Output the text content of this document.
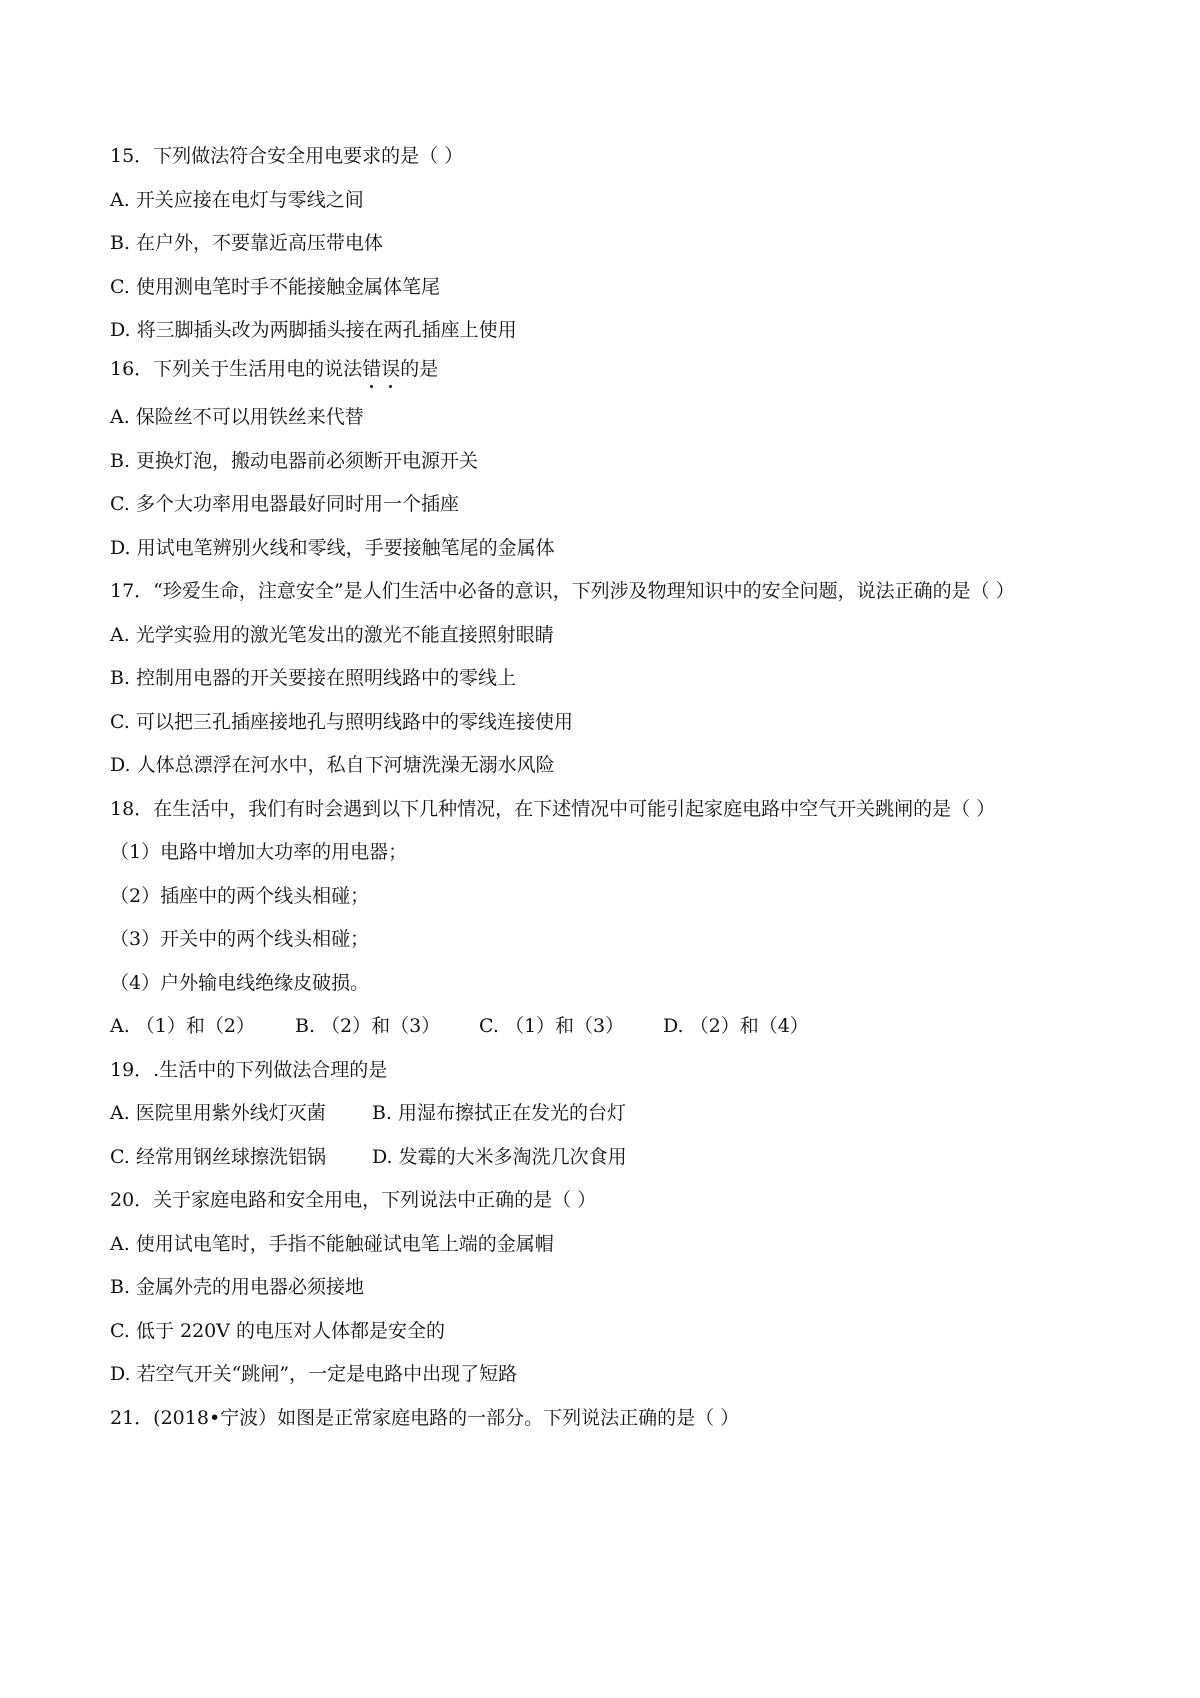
15．下列做法符合安全用电要求的是（ ）
A. 开关应接在电灯与零线之间
B. 在户外，不要靠近高压带电体
C. 使用测电笔时手不能接触金属体笔尾
D. 将三脚插头改为两脚插头接在两孔插座上使用
16．下列关于生活用电的说法错误的是
A. 保险丝不可以用铁丝来代替
B. 更换灯泡，搬动电器前必须断开电源开关
C. 多个大功率用电器最好同时用一个插座
D. 用试电笔辨别火线和零线，手要接触笔尾的金属体
17．“珍爱生命，注意安全”是人们生活中必备的意识，下列涉及物理知识中的安全问题，说法正确的是（ ）
A. 光学实验用的激光笔发出的激光不能直接照射眼睛
B. 控制用电器的开关要接在照明线路中的零线上
C. 可以把三孔插座接地孔与照明线路中的零线连接使用
D. 人体总漂浮在河水中，私自下河塘洗澡无溺水风险
18．在生活中，我们有时会遇到以下几种情况，在下述情况中可能引起家庭电路中空气开关跳闸的是（ ）
（1）电路中增加大功率的用电器；
（2）插座中的两个线头相碰；
（3）开关中的两个线头相碰；
（4）户外输电线绝缘皮破损。
A. （1）和（2） B. （2）和（3） C. （1）和（3） D. （2）和（4）
19．.生活中的下列做法合理的是
A. 医院里用紫外线灯灭菌 B. 用湿布擦拭正在发光的台灯
C. 经常用钢丝球擦洗铝锅 D. 发霉的大米多淘洗几次食用
20．关于家庭电路和安全用电，下列说法中正确的是（ ）
A. 使用试电笔时，手指不能触碰试电笔上端的金属帽
B. 金属外壳的用电器必须接地
C. 低于 220V 的电压对人体都是安全的
D. 若空气开关“跳闸”，一定是电路中出现了短路
21．(2018•宁波）如图是正常家庭电路的一部分。下列说法正确的是（ ）
